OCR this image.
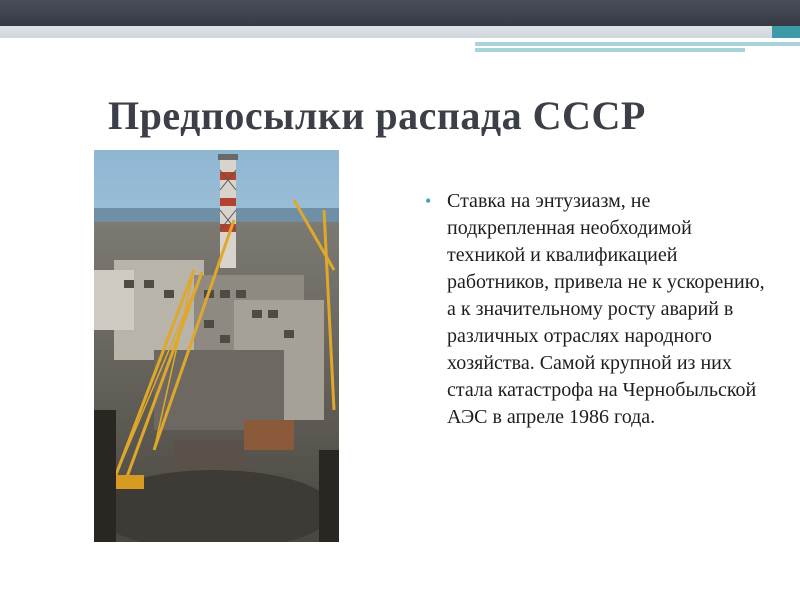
Предпосылки распада СССР
• Ставка на энтузиазм, не подкрепленная необходимой техникой и квалификацией работников, привела не к ускорению, а к значительному росту аварий в различных отраслях народного хозяйства. Самой крупной из них стала катастрофа на Чернобыльской АЭС в апреле 1986 года.
